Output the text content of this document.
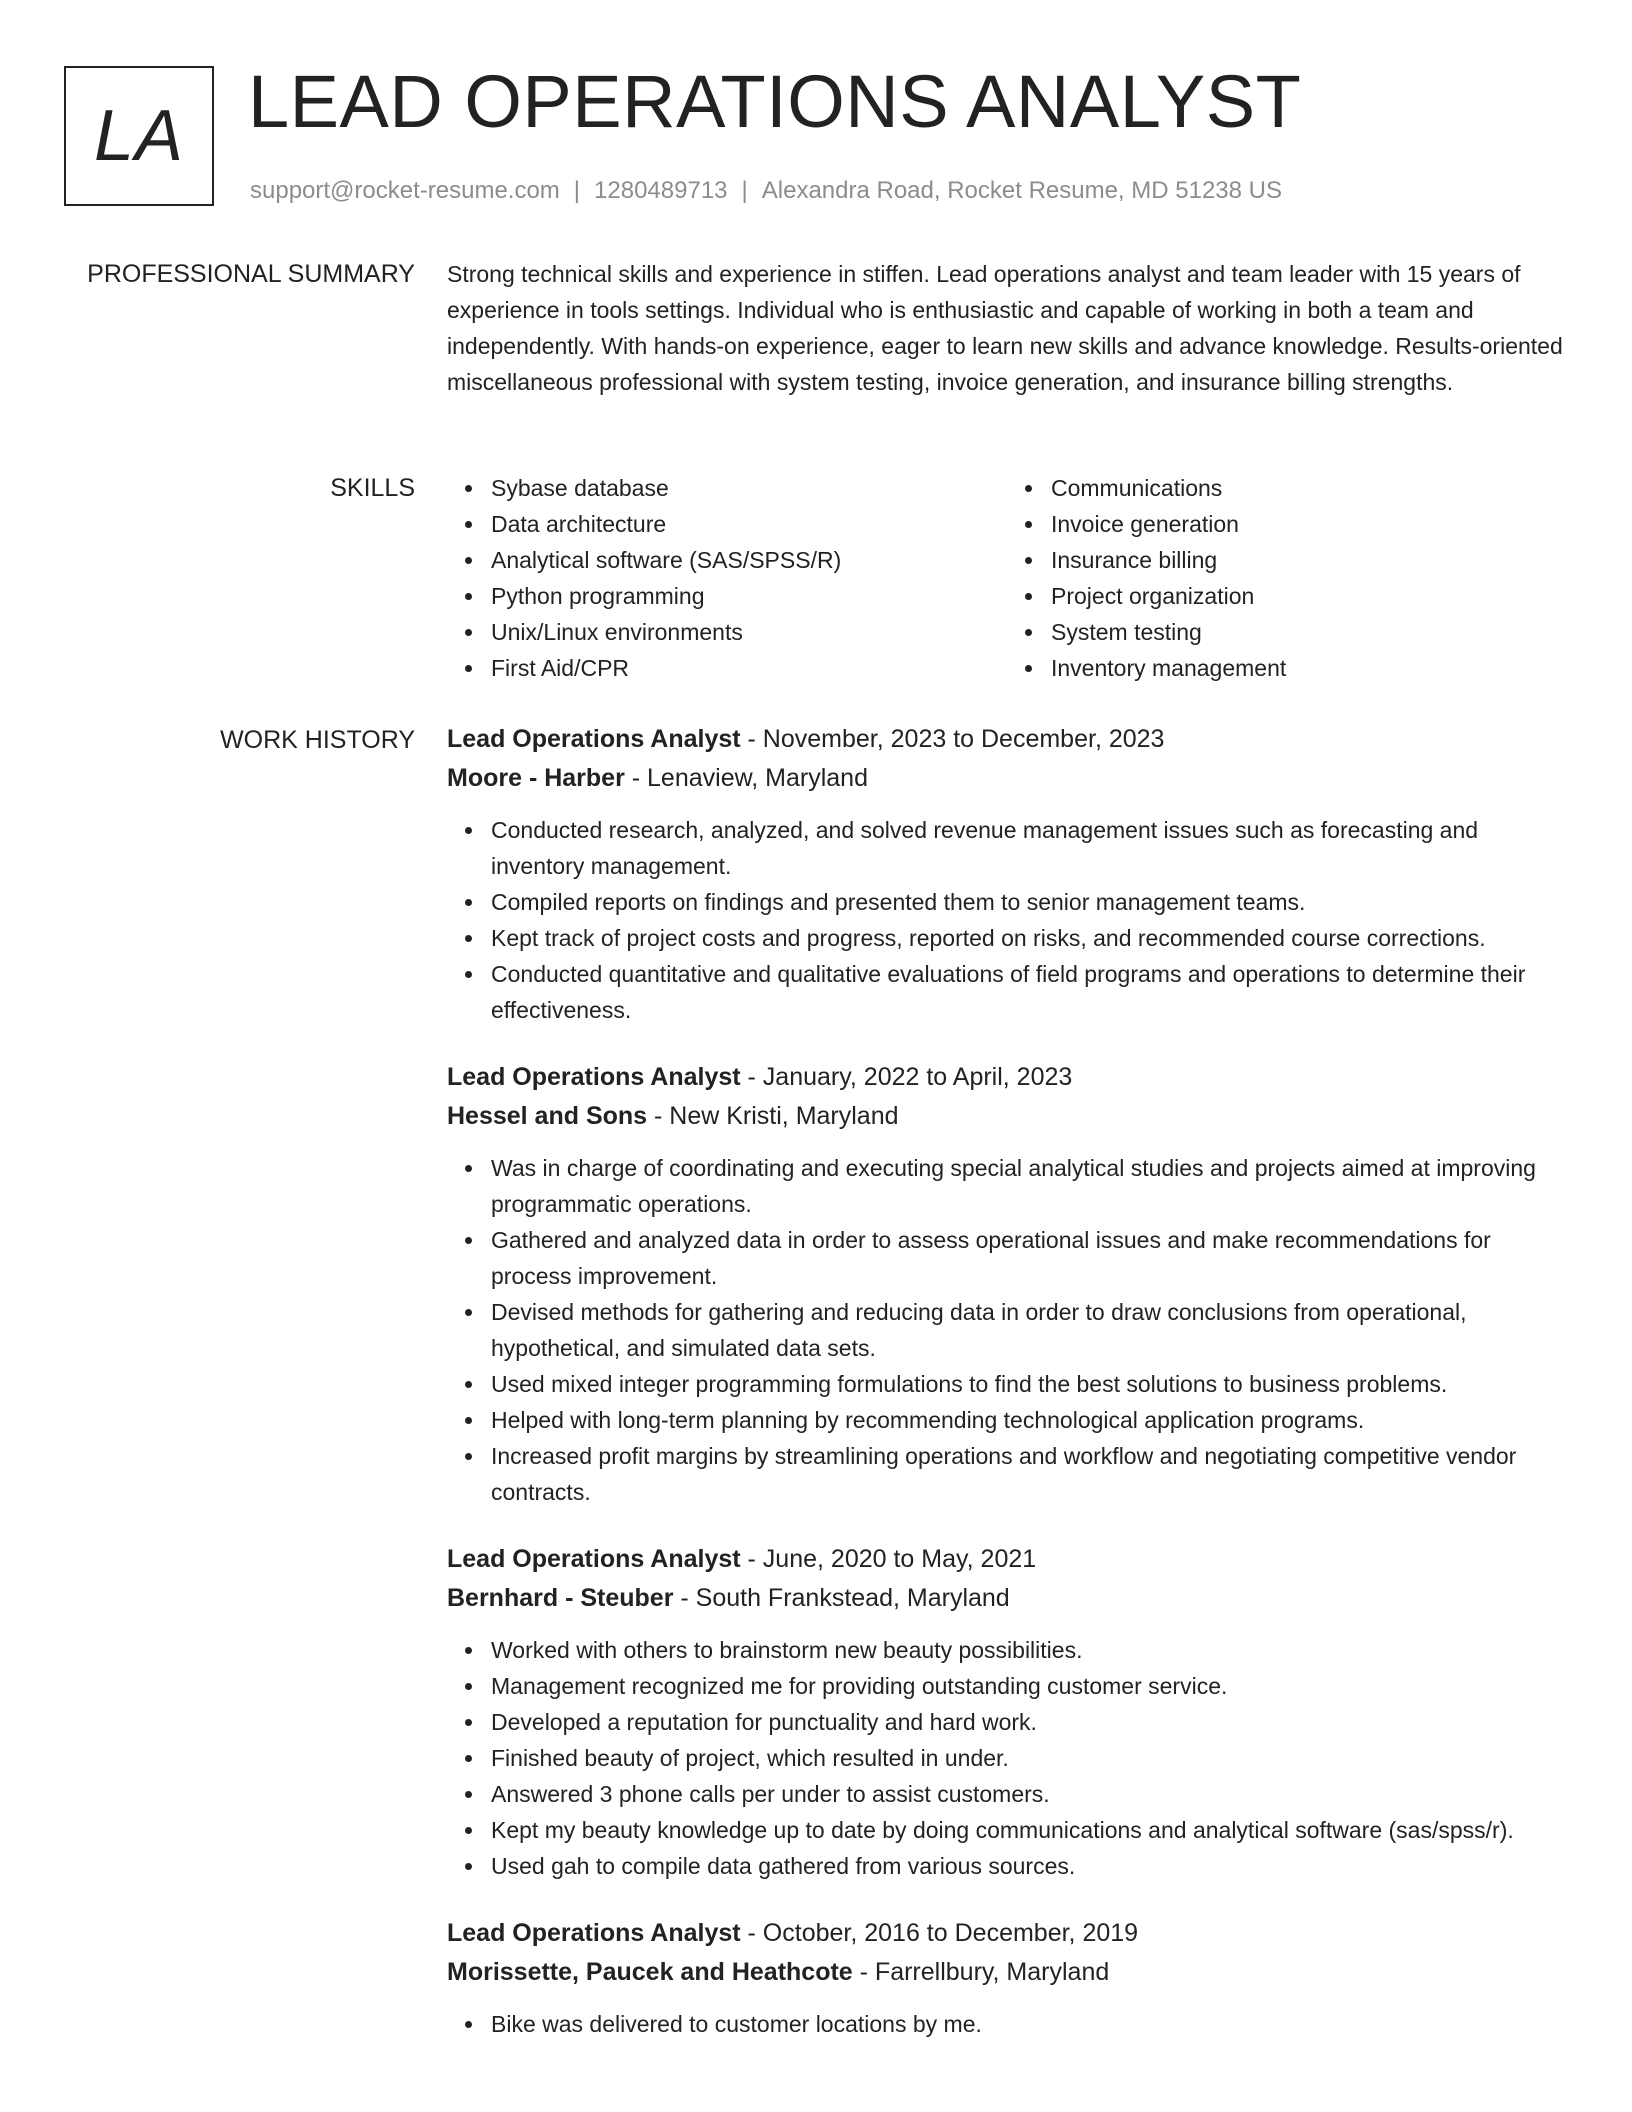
LA LEAD OPERATIONS ANALYST
support@rocket-resume.com | 1280489713 | Alexandra Road, Rocket Resume, MD 51238 US
PROFESSIONAL SUMMARY Strong technical skills and experience in stiffen. Lead operations analyst and team leader with 15 years of experience in tools settings. Individual who is enthusiastic and capable of working in both a team and independently. With hands-on experience, eager to learn new skills and advance knowledge. Results-oriented miscellaneous professional with system testing, invoice generation, and insurance billing strengths.

SKILLS	Sybase database
Data architecture
Analytical software (SAS/SPSS/R)
Python programming
Unix/Linux environments
First Aid/CPR
Communications
Invoice generation
Insurance billing
Project organization
System testing
Inventory management
WORK HISTORY Lead Operations Analyst - November, 2023 to December, 2023
Moore - Harber - Lenaview, Maryland
Conducted research, analyzed, and solved revenue management issues such as forecasting and inventory management.
Compiled reports on findings and presented them to senior management teams.
Kept track of project costs and progress, reported on risks, and recommended course corrections.
Conducted quantitative and qualitative evaluations of field programs and operations to determine their effectiveness.
Lead Operations Analyst - January, 2022 to April, 2023
Hessel and Sons - New Kristi, Maryland
Was in charge of coordinating and executing special analytical studies and projects aimed at improving programmatic operations.
Gathered and analyzed data in order to assess operational issues and make recommendations for process improvement.
Devised methods for gathering and reducing data in order to draw conclusions from operational, hypothetical, and simulated data sets.
Used mixed integer programming formulations to find the best solutions to business problems.
Helped with long-term planning by recommending technological application programs.
Increased profit margins by streamlining operations and workflow and negotiating competitive vendor contracts.
Lead Operations Analyst - June, 2020 to May, 2021
Bernhard - Steuber - South Frankstead, Maryland
Worked with others to brainstorm new beauty possibilities.
Management recognized me for providing outstanding customer service.
Developed a reputation for punctuality and hard work.
Finished beauty of project, which resulted in under.
Answered 3 phone calls per under to assist customers.
Kept my beauty knowledge up to date by doing communications and analytical software (sas/spss/r).
Used gah to compile data gathered from various sources.
Lead Operations Analyst - October, 2016 to December, 2019
Morissette, Paucek and Heathcote - Farrellbury, Maryland
Bike was delivered to customer locations by me.
